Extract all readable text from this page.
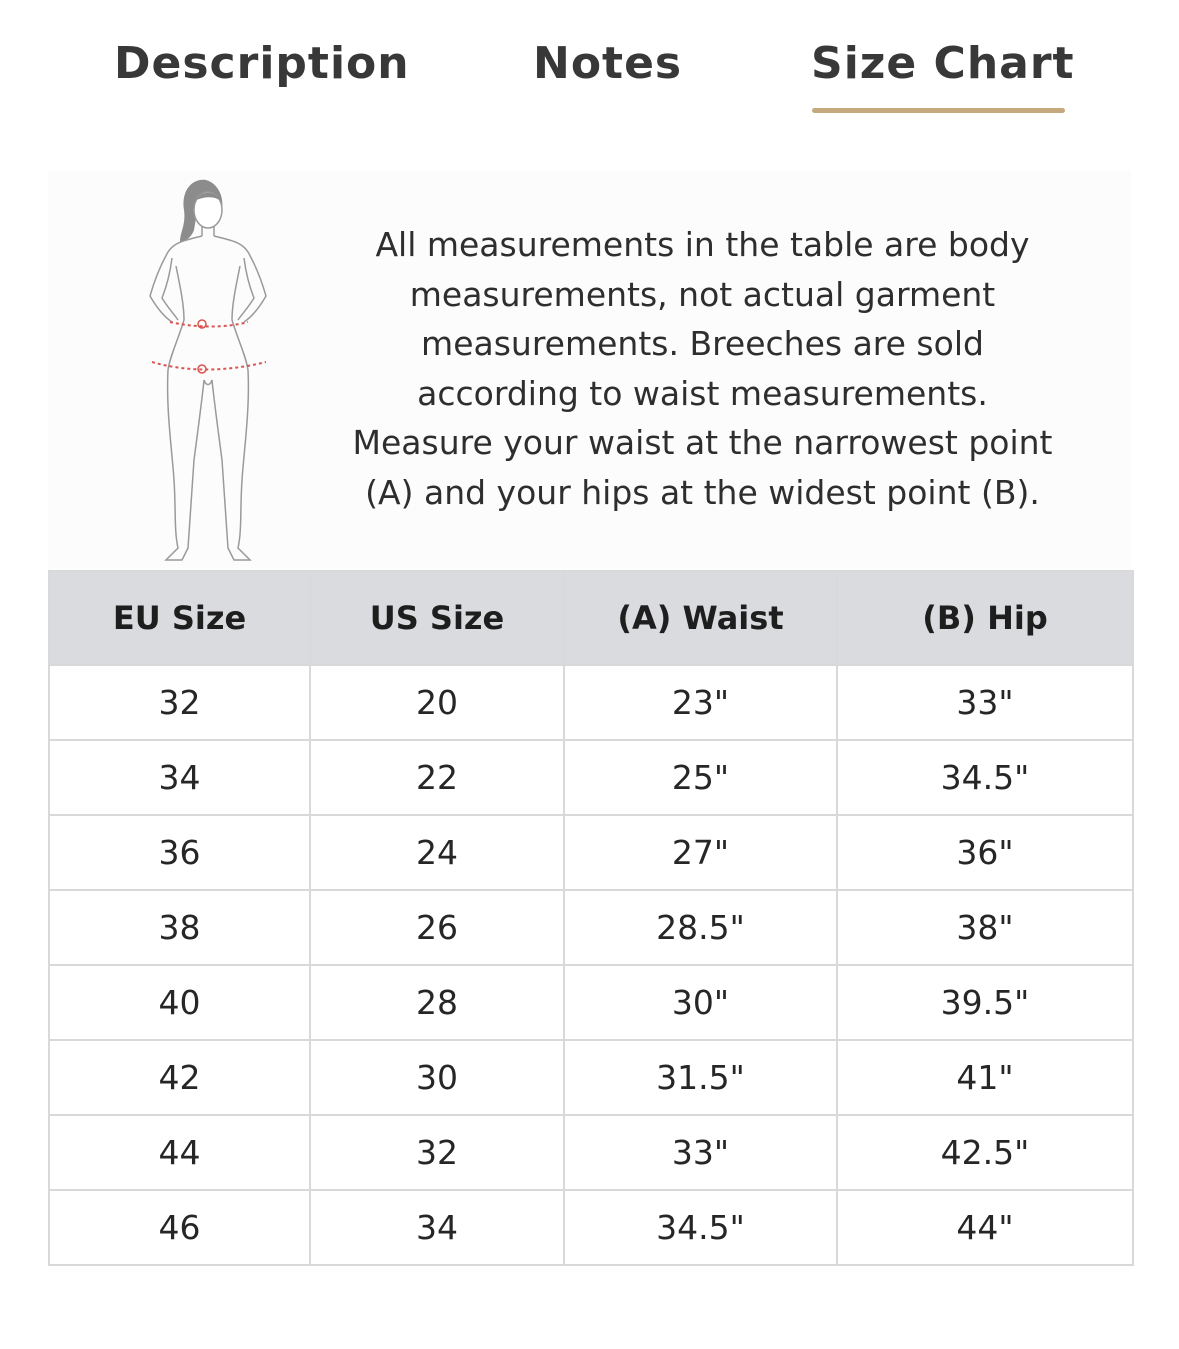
Description	Notes	Size Chart
All measurements in the table are body
measurements, not actual garment
measurements. Breeches are sold
according to waist measurements.
Measure your waist at the narrowest point
(A) and your hips at the widest point (B).
EU Size	US Size	(A) Waist	(B) Hip
32	20	23"	33"
34	22	25"	34.5"
36	24	27"	36"
38	26	28.5"	38"
40	28	30"	39.5"
42	30	31.5"	41"
44	32	33"	42.5"
46	34	34.5"	44"
